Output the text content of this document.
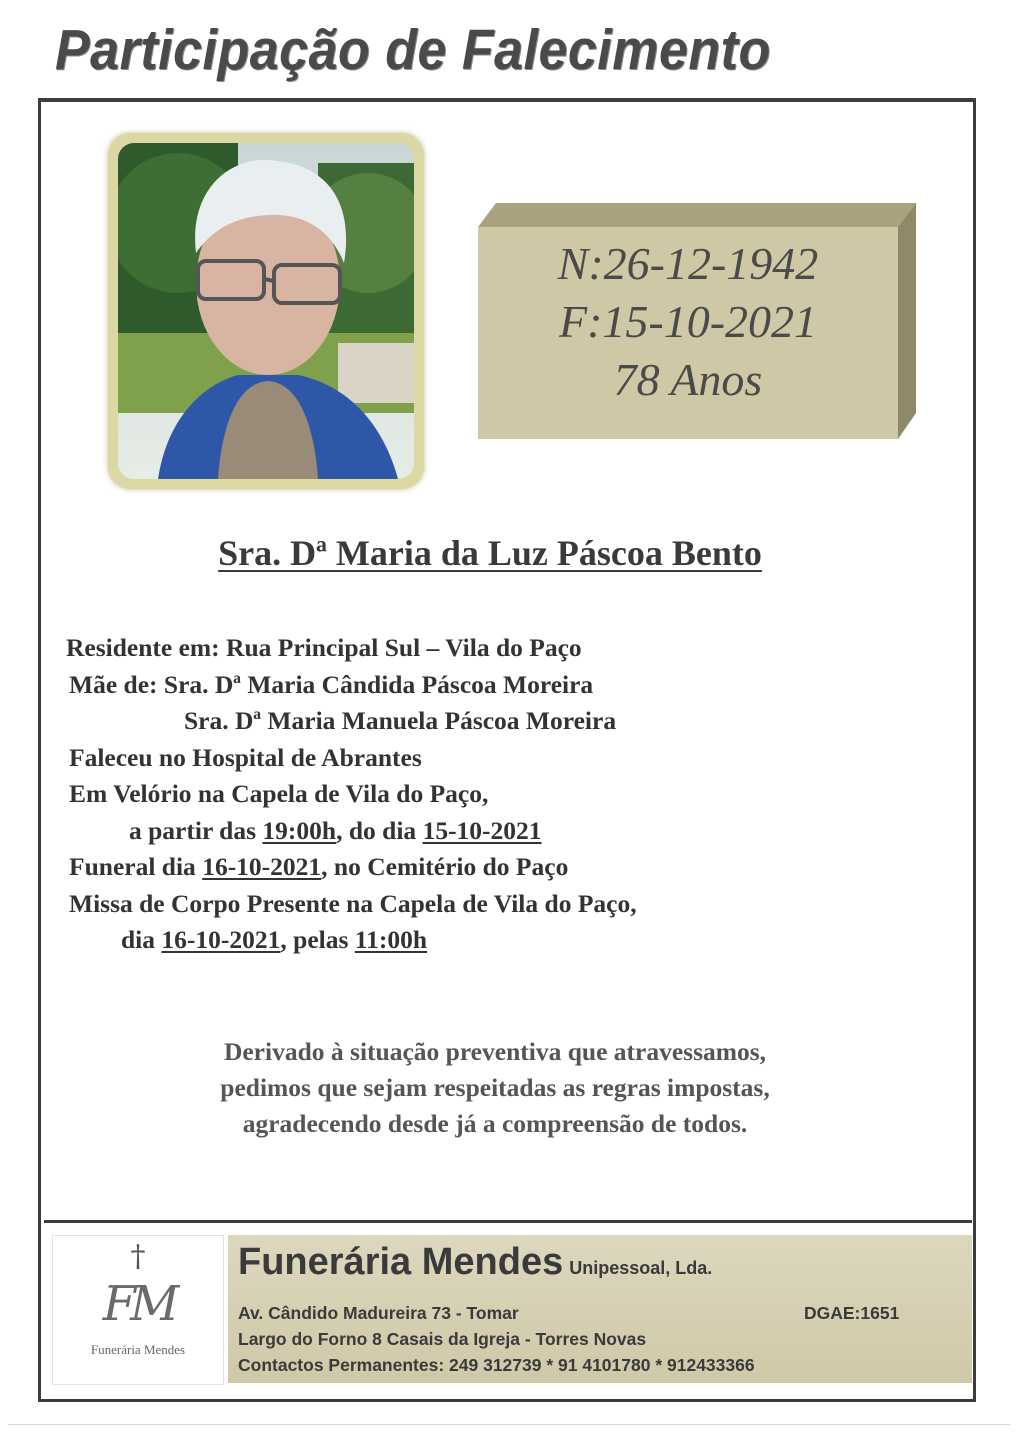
Participação de Falecimento
N:26-12-1942
F:15-10-2021
78 Anos
Sra. Dª Maria da Luz Páscoa Bento
Residente em: Rua Principal Sul – Vila do Paço
Mãe de: Sra. Dª Maria Cândida Páscoa Moreira
Sra. Dª Maria Manuela Páscoa Moreira
Faleceu no Hospital de Abrantes
Em Velório na Capela de Vila do Paço,
a partir das 19:00h, do dia 15-10-2021
Funeral dia 16-10-2021, no Cemitério do Paço
Missa de Corpo Presente na Capela de Vila do Paço,
dia 16-10-2021, pelas 11:00h
Derivado à situação preventiva que atravessamos,
pedimos que sejam respeitadas as regras impostas,
agradecendo desde já a compreensão de todos.
†
FM
Funerária Mendes
Funerária Mendes Unipessoal, Lda.
Av. Cândido Madureira 73 - Tomar	DGAE:1651
Largo do Forno 8 Casais da Igreja - Torres Novas
Contactos Permanentes: 249 312739 * 91 4101780 * 912433366
